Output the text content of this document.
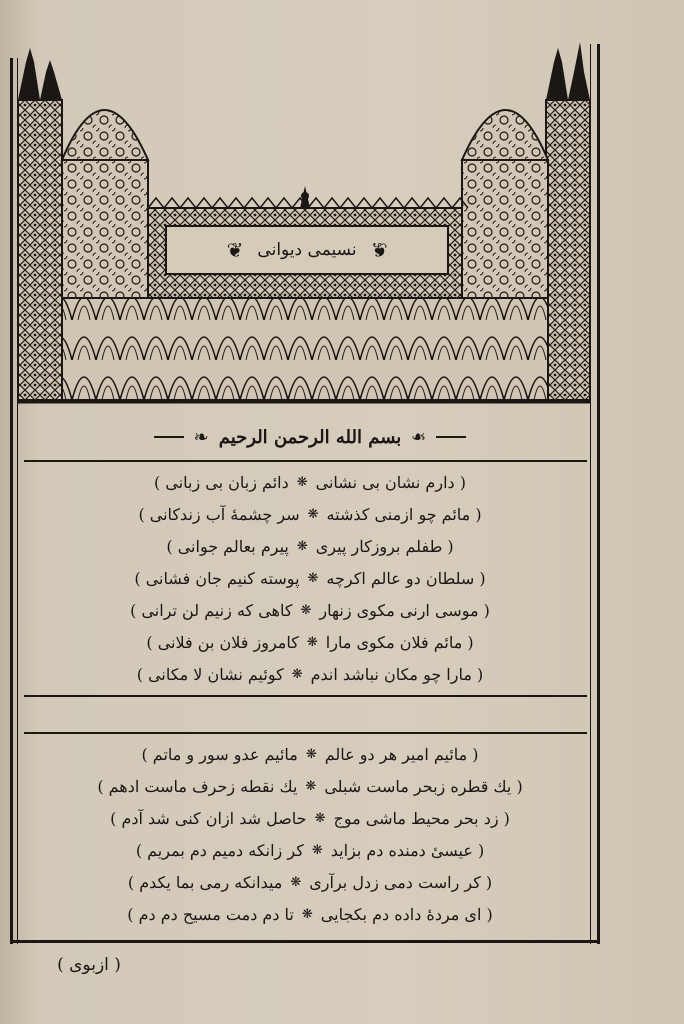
❦ نسیمی دیوانی ❦
❧ بسم الله الرحمن الرحيم ❧
( دارم نشان بی نشانی
❋
دائم زبان بی زبانی )
( مائم چو ازمنی کذشته
❋
سر چشمهٔ آب زندکانی )
( طفلم بروزکار پیری
❋
پیرم بعالم جوانی )
( سلطان دو عالم اکرچه
❋
پوسته کنیم جان فشانی )
( موسی ارنی مکوی زنهار
❋
کاهی که زنیم لن ترانی )
( مائم فلان مکوی مارا
❋
کامروز فلان بن فلانی )
( مارا چو مکان نباشد اندم
❋
کوئیم نشان لا مکانی )
( مائیم امیر هر دو عالم
❋
مائیم عدو سور و ماتم )
( یك قطره زبحر ماست شبلی
❋
یك نقطه زحرف ماست ادهم )
( زد بحر محیط ماشی موج
❋
حاصل شد ازان کنی شد آدم )
( عیسیٔ دمنده دم بزاید
❋
کر زانکه دمیم دم بمریم )
( کر راست دمی زدل برآری
❋
میدانکه رمی بما یکدم )
( ای مردهٔ داده دم بکجایی
❋
تا دم دمت مسیح دم دم )
( ازبوی )
